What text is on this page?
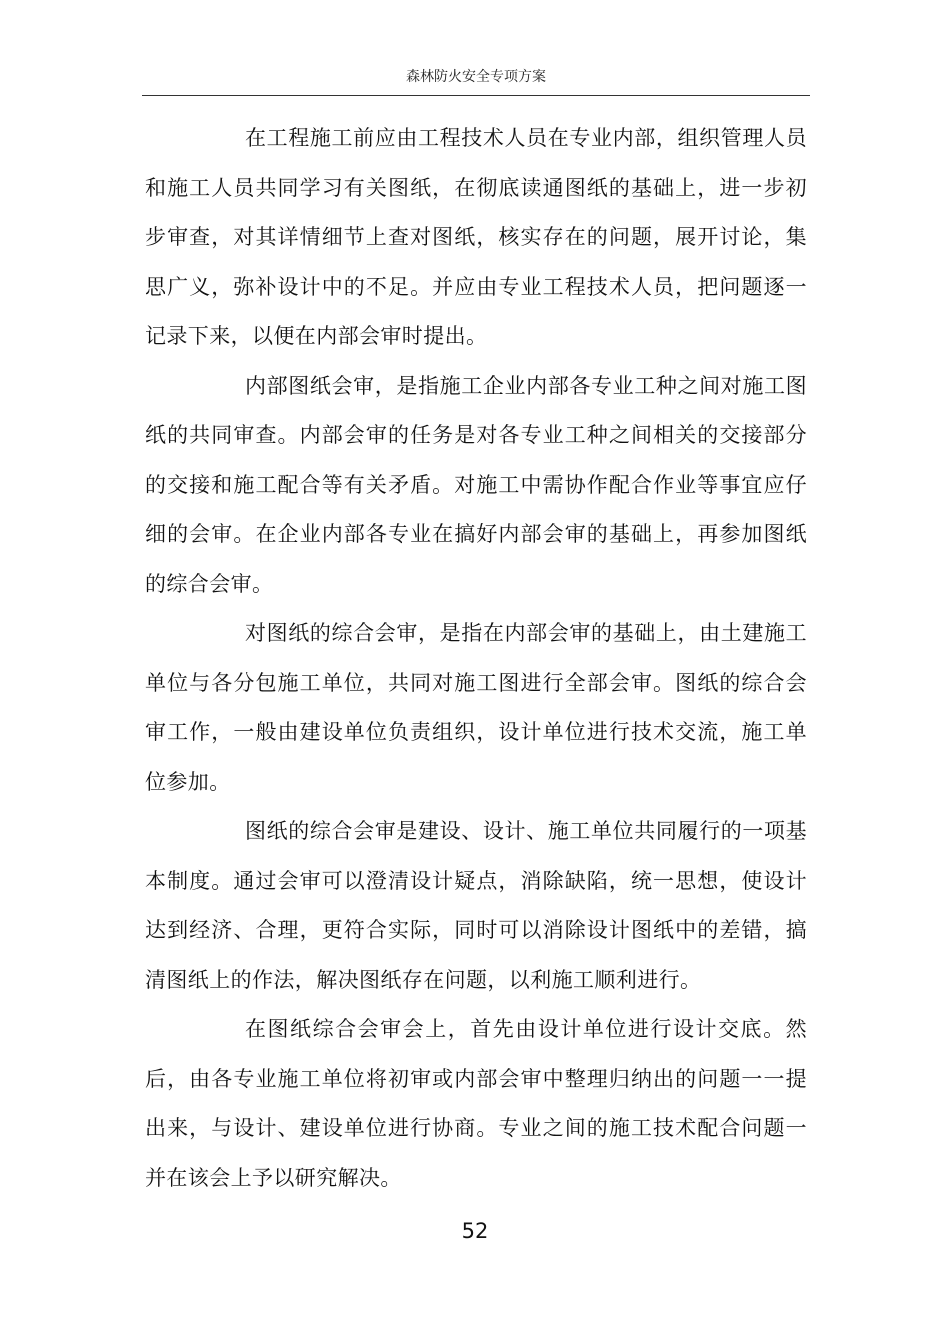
森林防火安全专项方案

在工程施工前应由工程技术人员在专业内部，组织管理人员和施工人员共同学习有关图纸，在彻底读通图纸的基础上，进一步初步审查，对其详情细节上查对图纸，核实存在的问题，展开讨论，集思广义，弥补设计中的不足。并应由专业工程技术人员，把问题逐一记录下来，以便在内部会审时提出。

内部图纸会审，是指施工企业内部各专业工种之间对施工图纸的共同审查。内部会审的任务是对各专业工种之间相关的交接部分的交接和施工配合等有关矛盾。对施工中需协作配合作业等事宜应仔细的会审。在企业内部各专业在搞好内部会审的基础上，再参加图纸的综合会审。

对图纸的综合会审，是指在内部会审的基础上，由土建施工单位与各分包施工单位，共同对施工图进行全部会审。图纸的综合会审工作，一般由建设单位负责组织，设计单位进行技术交流，施工单位参加。

图纸的综合会审是建设、设计、施工单位共同履行的一项基本制度。通过会审可以澄清设计疑点，消除缺陷，统一思想，使设计达到经济、合理，更符合实际，同时可以消除设计图纸中的差错，搞清图纸上的作法，解决图纸存在问题，以利施工顺利进行。

在图纸综合会审会上，首先由设计单位进行设计交底。然后，由各专业施工单位将初审或内部会审中整理归纳出的问题一一提出来，与设计、建设单位进行协商。专业之间的施工技术配合问题一并在该会上予以研究解决。

52
